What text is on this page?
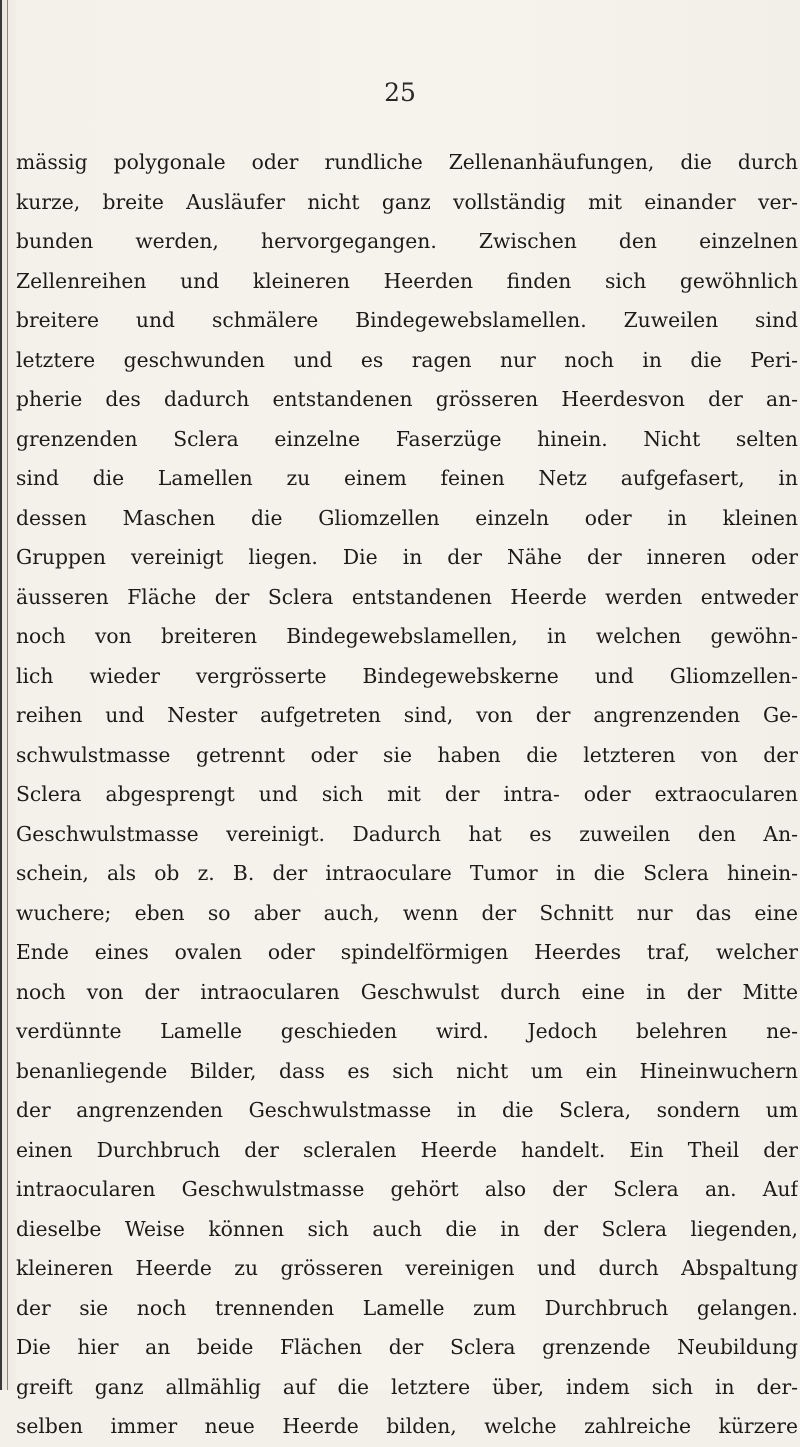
25
mässig polygonale oder rundliche Zellenanhäufungen, die durch
kurze, breite Ausläufer nicht ganz vollständig mit einander ver-
bunden werden, hervorgegangen. Zwischen den einzelnen
Zellenreihen und kleineren Heerden finden sich gewöhnlich
breitere und schmälere Bindegewebslamellen. Zuweilen sind
letztere geschwunden und es ragen nur noch in die Peri-
pherie des dadurch entstandenen grösseren Heerdesvon der an-
grenzenden Sclera einzelne Faserzüge hinein. Nicht selten
sind die Lamellen zu einem feinen Netz aufgefasert, in
dessen Maschen die Gliomzellen einzeln oder in kleinen
Gruppen vereinigt liegen. Die in der Nähe der inneren oder
äusseren Fläche der Sclera entstandenen Heerde werden entweder
noch von breiteren Bindegewebslamellen, in welchen gewöhn-
lich wieder vergrösserte Bindegewebskerne und Gliomzellen-
reihen und Nester aufgetreten sind, von der angrenzenden Ge-
schwulstmasse getrennt oder sie haben die letzteren von der
Sclera abgesprengt und sich mit der intra- oder extraocularen
Geschwulstmasse vereinigt. Dadurch hat es zuweilen den An-
schein, als ob z. B. der intraoculare Tumor in die Sclera hinein-
wuchere; eben so aber auch, wenn der Schnitt nur das eine
Ende eines ovalen oder spindelförmigen Heerdes traf, welcher
noch von der intraocularen Geschwulst durch eine in der Mitte
verdünnte Lamelle geschieden wird. Jedoch belehren ne-
benanliegende Bilder, dass es sich nicht um ein Hineinwuchern
der angrenzenden Geschwulstmasse in die Sclera, sondern um
einen Durchbruch der scleralen Heerde handelt. Ein Theil der
intraocularen Geschwulstmasse gehört also der Sclera an. Auf
dieselbe Weise können sich auch die in der Sclera liegenden,
kleineren Heerde zu grösseren vereinigen und durch Abspaltung
der sie noch trennenden Lamelle zum Durchbruch gelangen.
Die hier an beide Flächen der Sclera grenzende Neubildung
greift ganz allmählig auf die letztere über, indem sich in der-
selben immer neue Heerde bilden, welche zahlreiche kürzere
